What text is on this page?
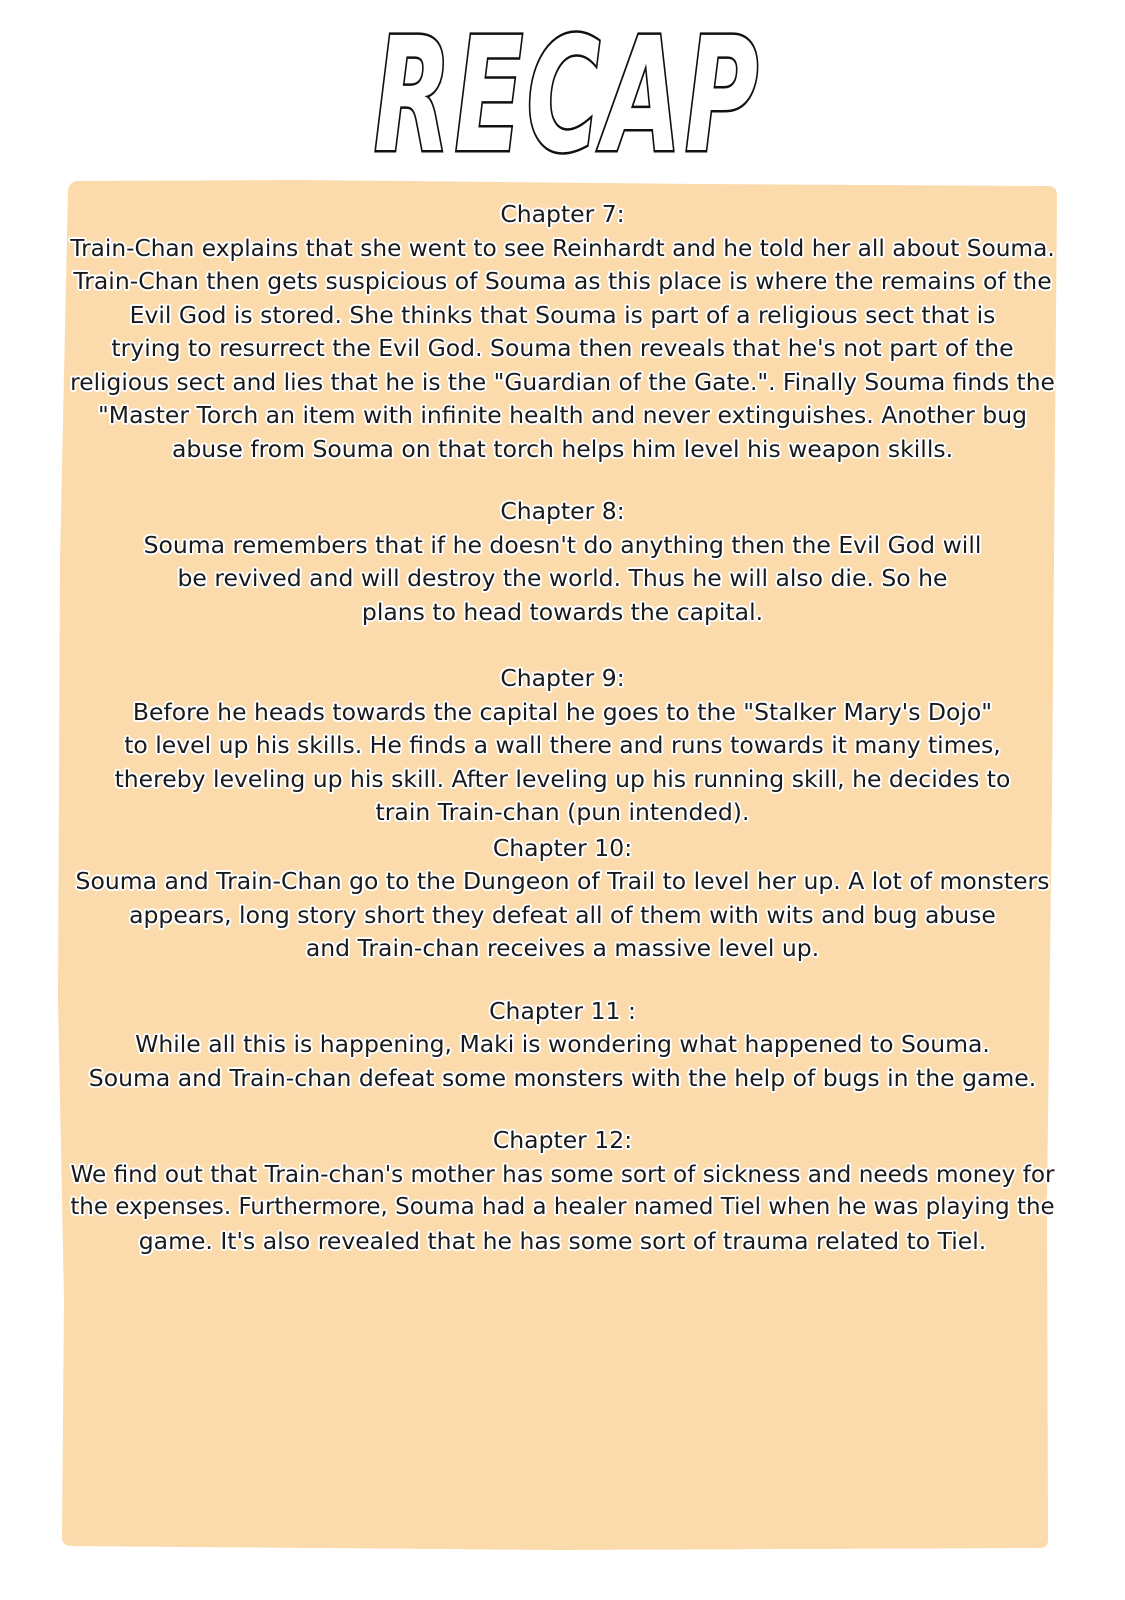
RECAP
Chapter 7:
Train-Chan explains that she went to see Reinhardt and he told her all about Souma.
Train-Chan then gets suspicious of Souma as this place is where the remains of the
Evil God is stored. She thinks that Souma is part of a religious sect that is
trying to resurrect the Evil God. Souma then reveals that he's not part of the
religious sect and lies that he is the "Guardian of the Gate.". Finally Souma finds the
"Master Torch an item with infinite health and never extinguishes. Another bug
abuse from Souma on that torch helps him level his weapon skills.
Chapter 8:
Souma remembers that if he doesn't do anything then the Evil God will
be revived and will destroy the world. Thus he will also die. So he
plans to head towards the capital.
Chapter 9:
Before he heads towards the capital he goes to the "Stalker Mary's Dojo"
to level up his skills. He finds a wall there and runs towards it many times,
thereby leveling up his skill. After leveling up his running skill, he decides to
train Train-chan (pun intended).
Chapter 10:
Souma and Train-Chan go to the Dungeon of Trail to level her up. A lot of monsters
appears, long story short they defeat all of them with wits and bug abuse
and Train-chan receives a massive level up.
Chapter 11 :
While all this is happening, Maki is wondering what happened to Souma.
Souma and Train-chan defeat some monsters with the help of bugs in the game.
Chapter 12:
We find out that Train-chan's mother has some sort of sickness and needs money for
the expenses. Furthermore, Souma had a healer named Tiel when he was playing the
game. It's also revealed that he has some sort of trauma related to Tiel.
